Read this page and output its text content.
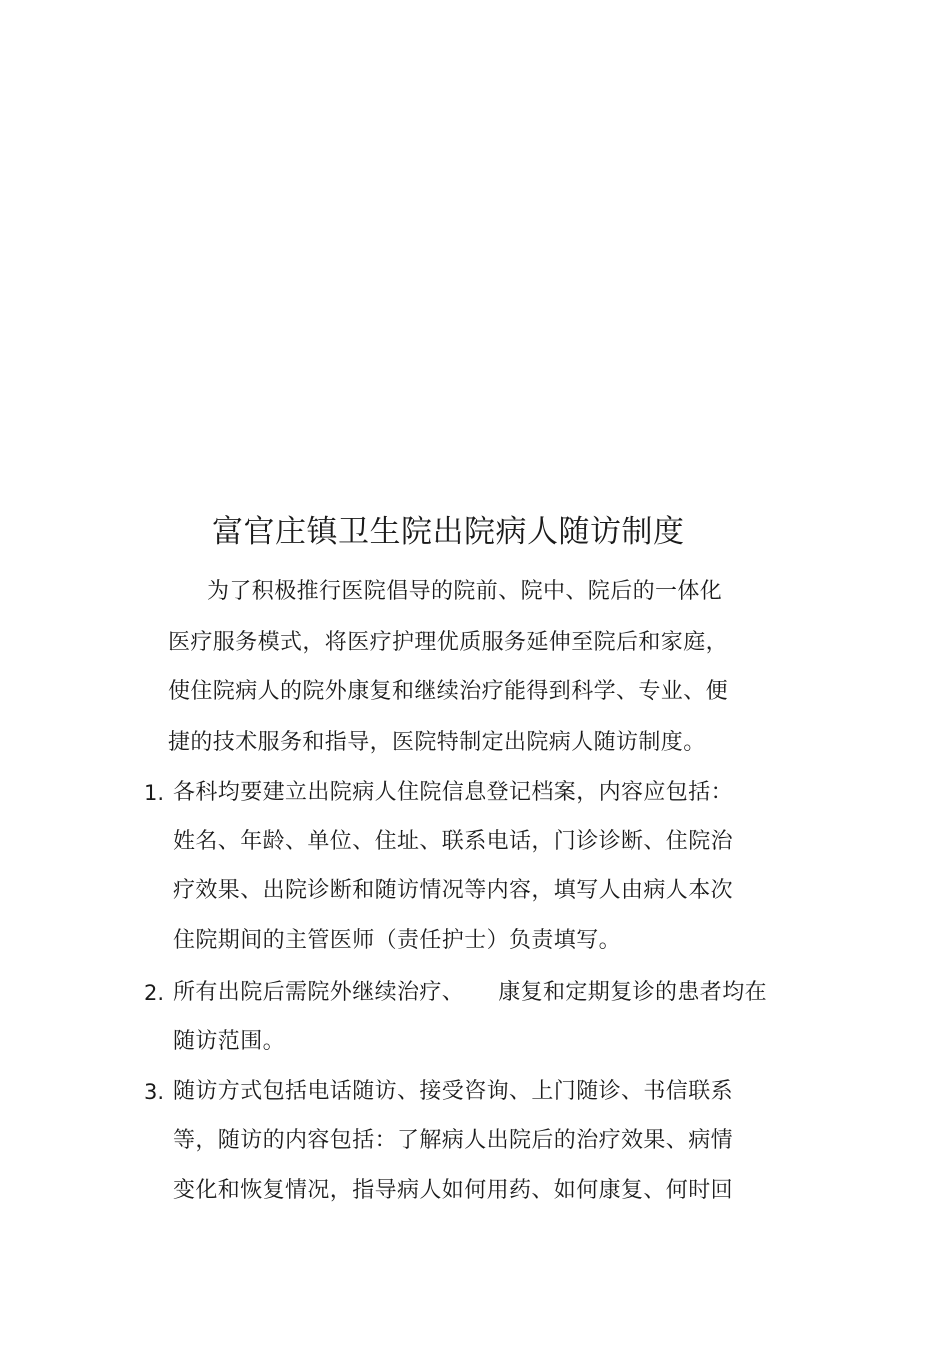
富官庄镇卫生院出院病人随访制度
为了积极推行医院倡导的院前、院中、院后的一体化
医疗服务模式，将医疗护理优质服务延伸至院后和家庭，
使住院病人的院外康复和继续治疗能得到科学、专业、便
捷的技术服务和指导，医院特制定出院病人随访制度。
1. 各科均要建立出院病人住院信息登记档案，内容应包括：
姓名、年龄、单位、住址、联系电话，门诊诊断、住院治
疗效果、出院诊断和随访情况等内容，填写人由病人本次
住院期间的主管医师（责任护士）负责填写。
2. 所有出院后需院外继续治疗、 康复和定期复诊的患者均在
随访范围。
3. 随访方式包括电话随访、接受咨询、上门随诊、书信联系
等，随访的内容包括：了解病人出院后的治疗效果、病情
变化和恢复情况，指导病人如何用药、如何康复、何时回
